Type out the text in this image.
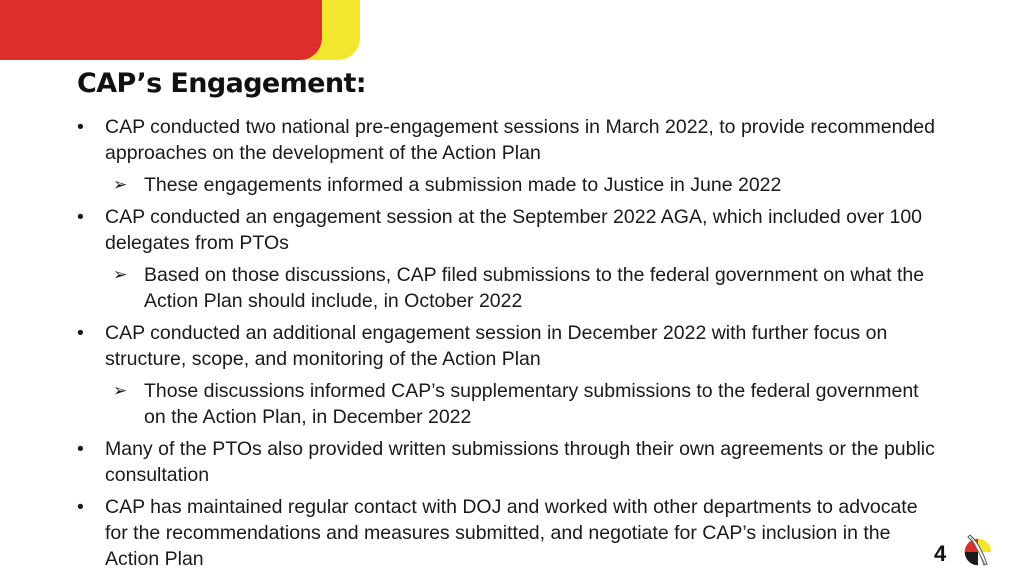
CAP’s Engagement:
•	CAP conducted two national pre-engagement sessions in March 2022, to provide recommended approaches on the development of the Action Plan
➢ These engagements informed a submission made to Justice in June 2022
•	CAP conducted an engagement session at the September 2022 AGA, which included over 100 delegates from PTOs
➢ Based on those discussions, CAP filed submissions to the federal government on what the Action Plan should include, in October 2022
•	CAP conducted an additional engagement session in December 2022 with further focus on structure, scope, and monitoring of the Action Plan
➢ Those discussions informed CAP’s supplementary submissions to the federal government on the Action Plan, in December 2022
•	Many of the PTOs also provided written submissions through their own agreements or the public consultation
•	CAP has maintained regular contact with DOJ and worked with other departments to advocate for the recommendations and measures submitted, and negotiate for CAP’s inclusion in the Action Plan	4
